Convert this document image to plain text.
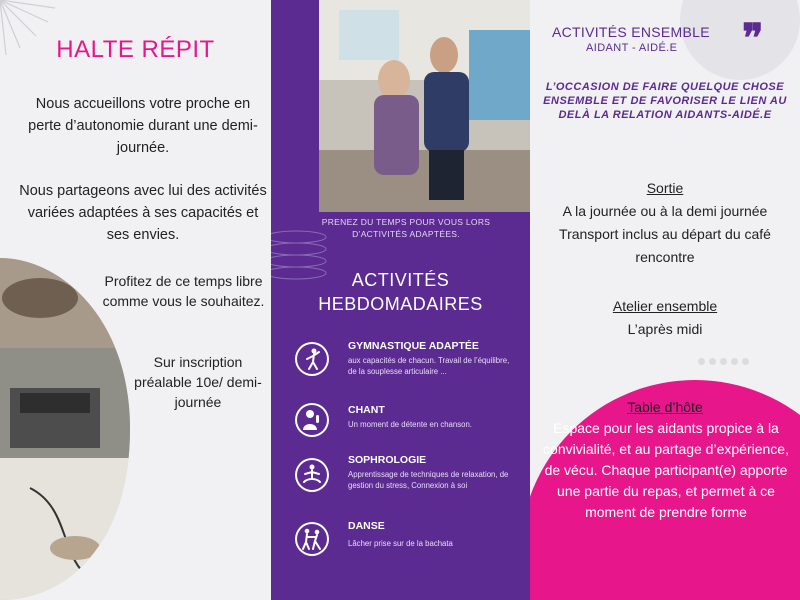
HALTE RÉPIT
Nous accueillons votre proche en perte d’autonomie durant une demi- journée.
Nous partageons avec lui des activités variées adaptées à ses capacités et ses envies.
Profitez de ce temps libre comme vous le souhaitez.
Sur inscription préalable 10e/ demi-journée
PRENEZ DU TEMPS POUR VOUS LORS D’ACTIVITÉS ADAPTÉES.
ACTIVITÉS
HEBDOMADAIRES
GYMNASTIQUE ADAPTÉE
aux capacités de chacun. Travail de l’équilibre, de la souplesse articulaire ...
CHANT
Un moment de détente en chanson.
SOPHROLOGIE
Apprentissage de techniques de relaxation, de gestion du stress, Connexion à soi
DANSE
Lâcher prise sur de la bachata
ACTIVITÉS ENSEMBLE
AIDANT - AIDÉ.E ❞
L’OCCASION DE FAIRE QUELQUE CHOSE ENSEMBLE ET DE FAVORISER LE LIEN AU DELÀ LA RELATION AIDANTS-AIDÉ.E
Sortie
A la journée ou à la demi journée Transport inclus au départ du café rencontre
Atelier ensemble
L’après midi
Table d’hôte
Espace pour les aidants propice à la convivialité, et au partage d’expérience, de vécu. Chaque participant(e) apporte une partie du repas, et permet à ce moment de prendre forme
